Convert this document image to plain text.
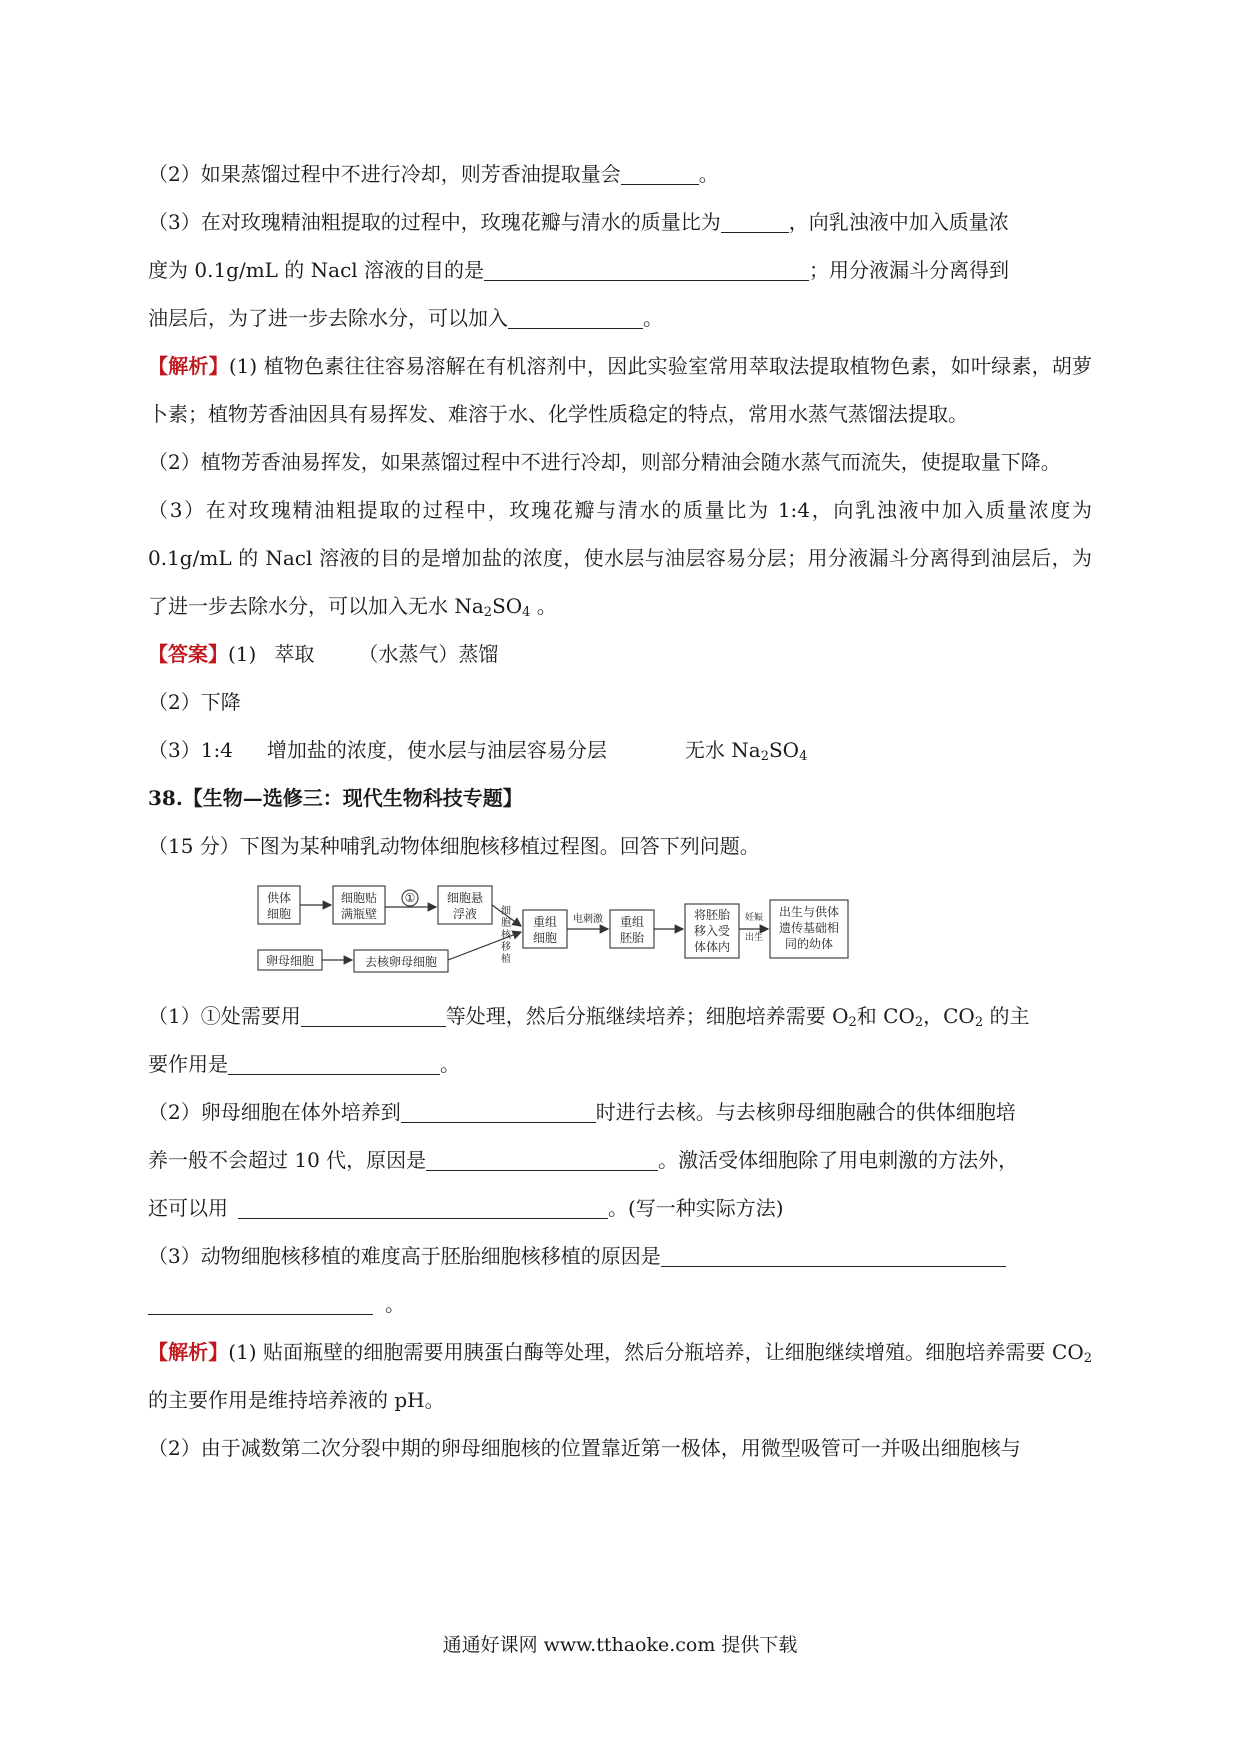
（2）如果蒸馏过程中不进行冷却，则芳香油提取量会	。

（3）在对玫瑰精油粗提取的过程中，玫瑰花瓣与清水的质量比为	，向乳浊液中加入质量浓
度为 0.1g/mL 的 Nacl 溶液的目的是	；用分液漏斗分离得到
油层后，为了进一步去除水分，可以加入	。

【解析】(1) 植物色素往往容易溶解在有机溶剂中，因此实验室常用萃取法提取植物色素，如叶绿素，胡萝卜素；植物芳香油因具有易挥发、难溶于水、化学性质稳定的特点，常用水蒸气蒸馏法提取。

（2）植物芳香油易挥发，如果蒸馏过程中不进行冷却，则部分精油会随水蒸气而流失，使提取量下降。

（3）在对玫瑰精油粗提取的过程中，玫瑰花瓣与清水的质量比为 1:4，向乳浊液中加入质量浓度为 0.1g/mL 的 Nacl 溶液的目的是增加盐的浓度，使水层与油层容易分层；用分液漏斗分离得到油层后，为了进一步去除水分，可以加入无水 $Na_2SO_4$ 。

【答案】(1) 萃取 （水蒸气）蒸馏

（2）下降

（3）1:4 增加盐的浓度，使水层与油层容易分层	无水 $Na_2SO_4$

38.【生物—选修三：现代生物科技专题】

（15 分）下图为某种哺乳动物体细胞核移植过程图。回答下列问题。

供体
细胞
细胞贴
满瓶壁
①	细胞悬
浮液
卵母细胞	去核卵母细胞
重组
细胞
电刺激 重组
胚胎
将胚胎
移入受
体体内
妊娠
出生
出生与供体
遗传基础相
同的幼体
细
胞
核
移
植

（1）①处需要用	等处理，然后分瓶继续培养；细胞培养需要 $O_2$和 $CO_2$，$CO_2$ 的主
要作用是	。

（2）卵母细胞在体外培养到	时进行去核。与去核卵母细胞融合的供体细胞培
养一般不会超过 10 代，原因是	。激活受体细胞除了用电刺激的方法外，
还可以用	。(写一种实际方法)

（3）动物细胞核移植的难度高于胚胎细胞核移植的原因是
。

【解析】(1) 贴面瓶壁的细胞需要用胰蛋白酶等处理，然后分瓶培养，让细胞继续增殖。细胞培养需要 $CO_2$ 的主要作用是维持培养液的 pH。

（2）由于减数第二次分裂中期的卵母细胞核的位置靠近第一极体，用微型吸管可一并吸出细胞核与

通通好课网 www.tthaoke.com 提供下载
